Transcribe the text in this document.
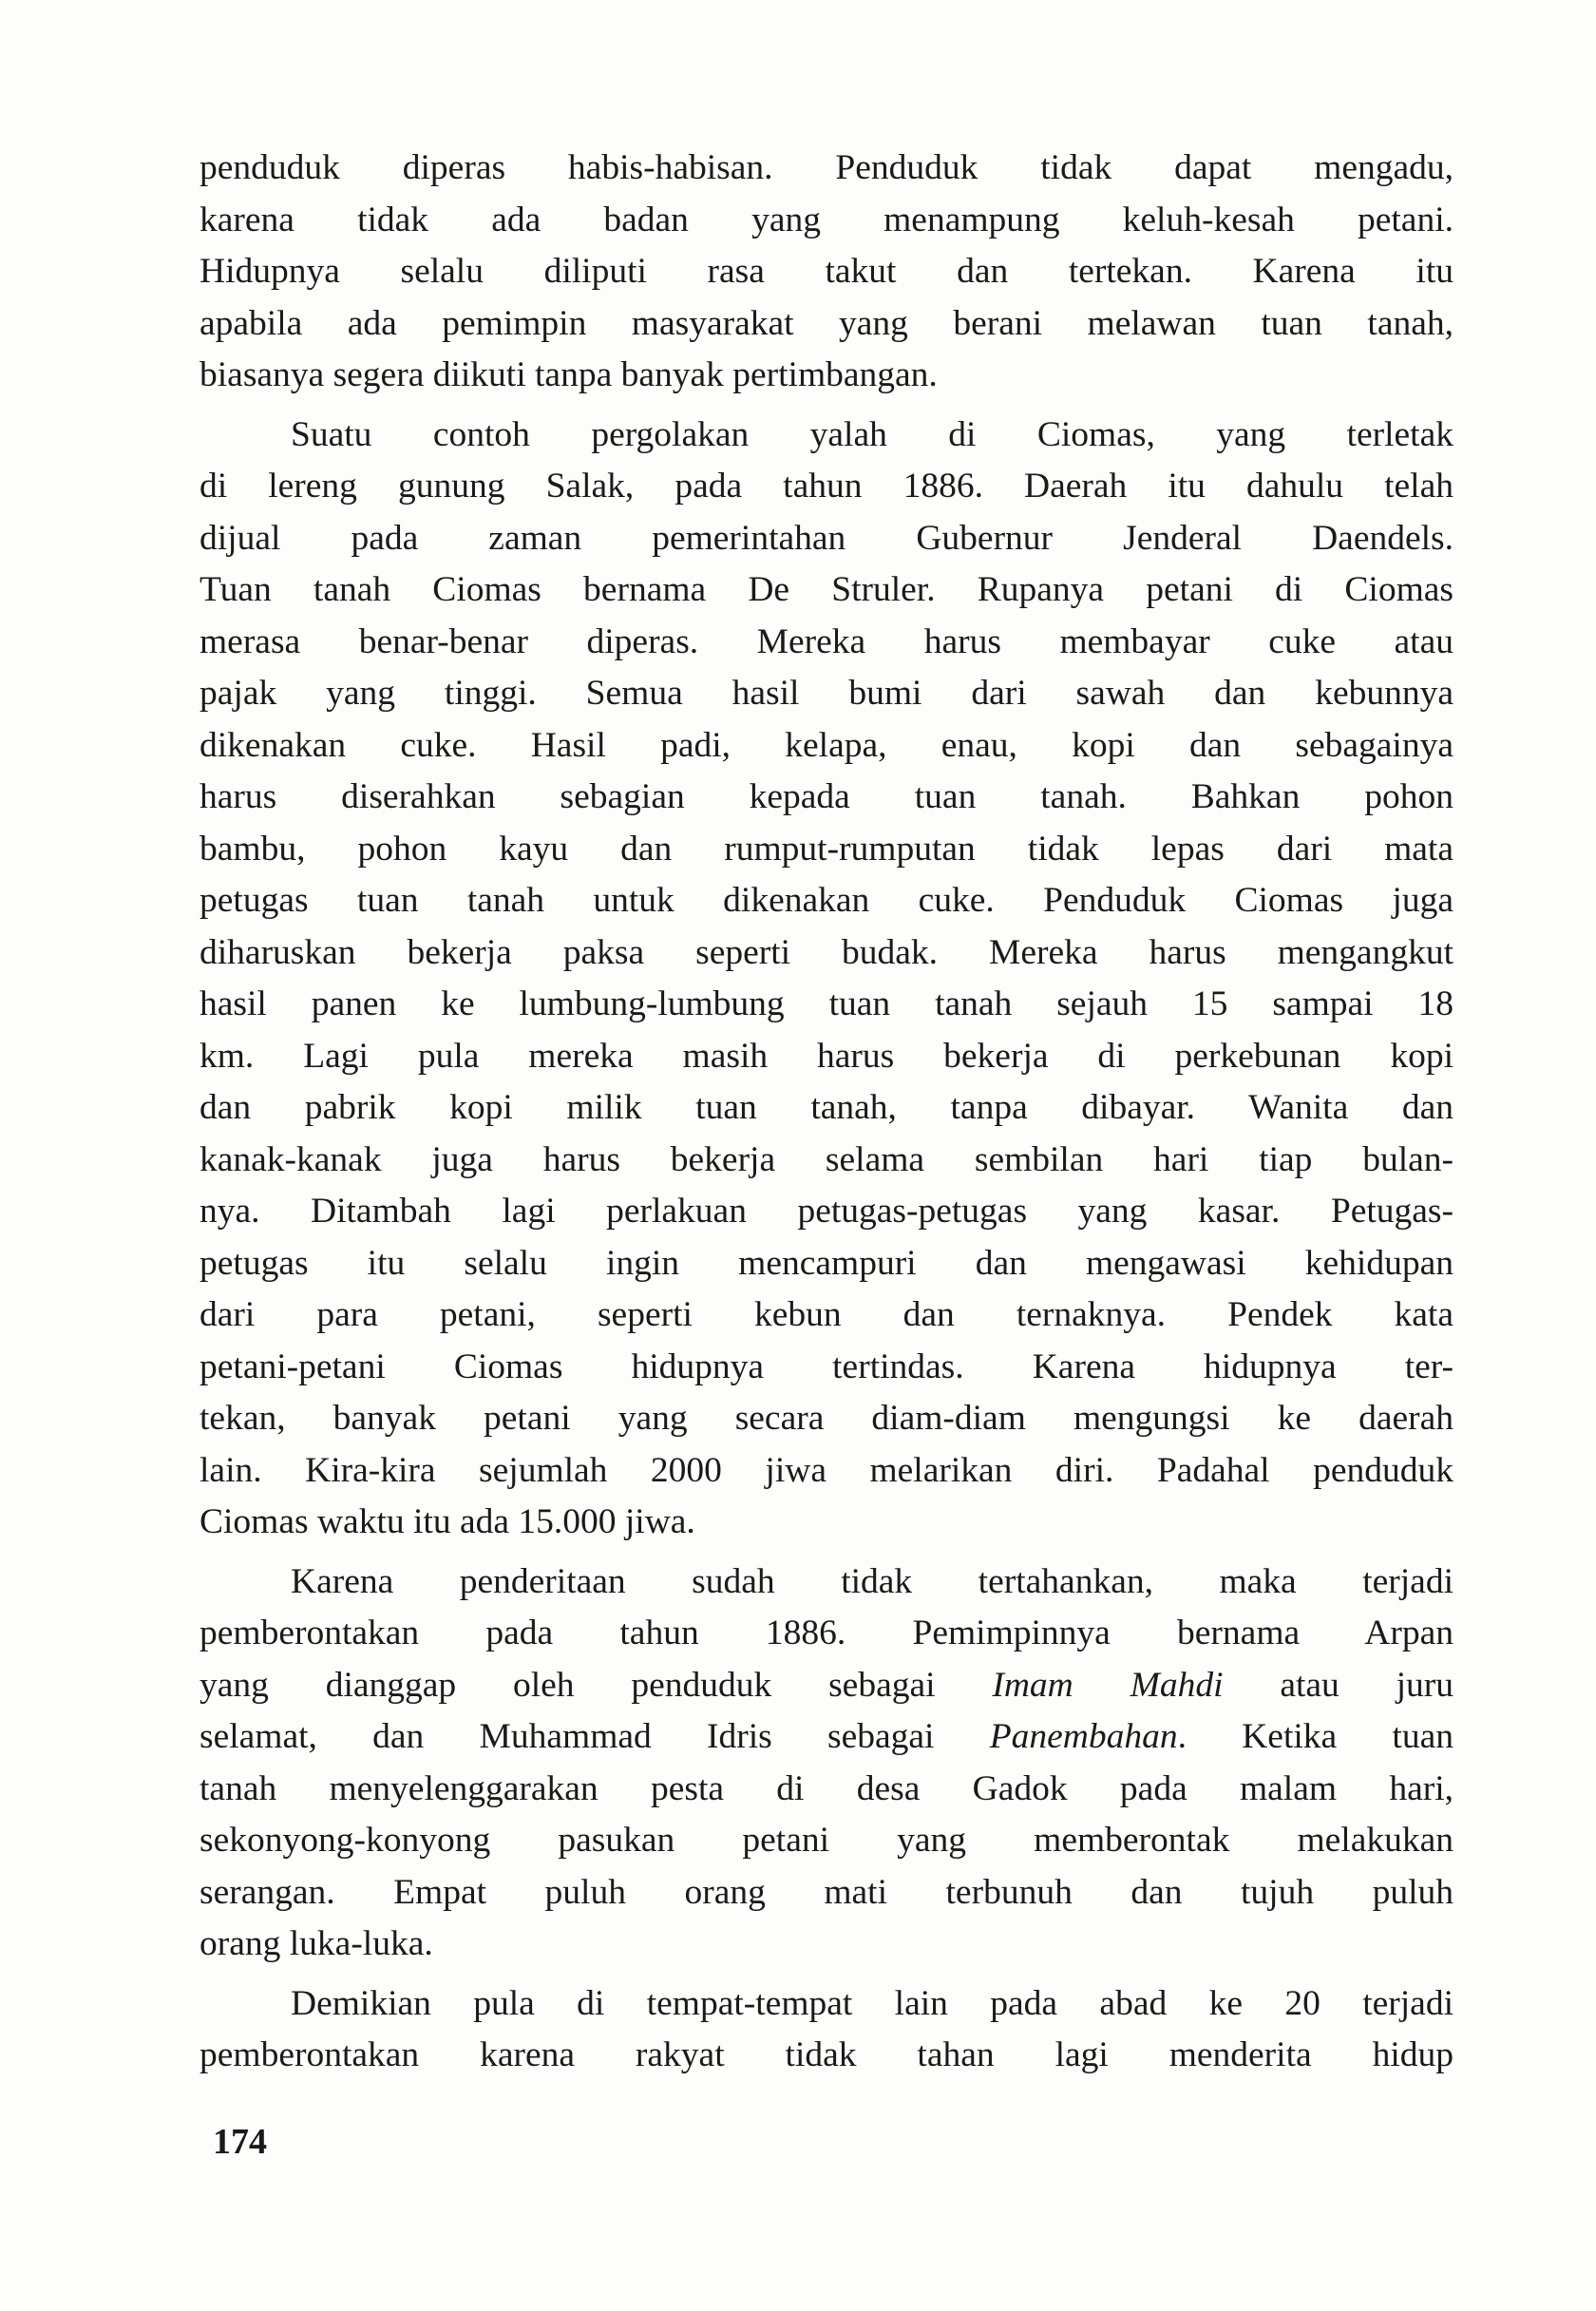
penduduk diperas habis-habisan. Penduduk tidak dapat mengadu,
karena tidak ada badan yang menampung keluh-kesah petani.
Hidupnya selalu diliputi rasa takut dan tertekan. Karena itu
apabila ada pemimpin masyarakat yang berani melawan tuan tanah,
biasanya segera diikuti tanpa banyak pertimbangan.
Suatu contoh pergolakan yalah di Ciomas, yang terletak
di lereng gunung Salak, pada tahun 1886. Daerah itu dahulu telah
dijual pada zaman pemerintahan Gubernur Jenderal Daendels.
Tuan tanah Ciomas bernama De Struler. Rupanya petani di Ciomas
merasa benar-benar diperas. Mereka harus membayar cuke atau
pajak yang tinggi. Semua hasil bumi dari sawah dan kebunnya
dikenakan cuke. Hasil padi, kelapa, enau, kopi dan sebagainya
harus diserahkan sebagian kepada tuan tanah. Bahkan pohon
bambu, pohon kayu dan rumput-rumputan tidak lepas dari mata
petugas tuan tanah untuk dikenakan cuke. Penduduk Ciomas juga
diharuskan bekerja paksa seperti budak. Mereka harus mengangkut
hasil panen ke lumbung-lumbung tuan tanah sejauh 15 sampai 18
km. Lagi pula mereka masih harus bekerja di perkebunan kopi
dan pabrik kopi milik tuan tanah, tanpa dibayar. Wanita dan
kanak-kanak juga harus bekerja selama sembilan hari tiap bulan-
nya. Ditambah lagi perlakuan petugas-petugas yang kasar. Petugas-
petugas itu selalu ingin mencampuri dan mengawasi kehidupan
dari para petani, seperti kebun dan ternaknya. Pendek kata
petani-petani Ciomas hidupnya tertindas. Karena hidupnya ter-
tekan, banyak petani yang secara diam-diam mengungsi ke daerah
lain. Kira-kira sejumlah 2000 jiwa melarikan diri. Padahal penduduk
Ciomas waktu itu ada 15.000 jiwa.
Karena penderitaan sudah tidak tertahankan, maka terjadi
pemberontakan pada tahun 1886. Pemimpinnya bernama Arpan
yang dianggap oleh penduduk sebagai Imam Mahdi atau juru
selamat, dan Muhammad Idris sebagai Panembahan. Ketika tuan
tanah menyelenggarakan pesta di desa Gadok pada malam hari,
sekonyong-konyong pasukan petani yang memberontak melakukan
serangan. Empat puluh orang mati terbunuh dan tujuh puluh
orang luka-luka.
Demikian pula di tempat-tempat lain pada abad ke 20 terjadi
pemberontakan karena rakyat tidak tahan lagi menderita hidup
174
